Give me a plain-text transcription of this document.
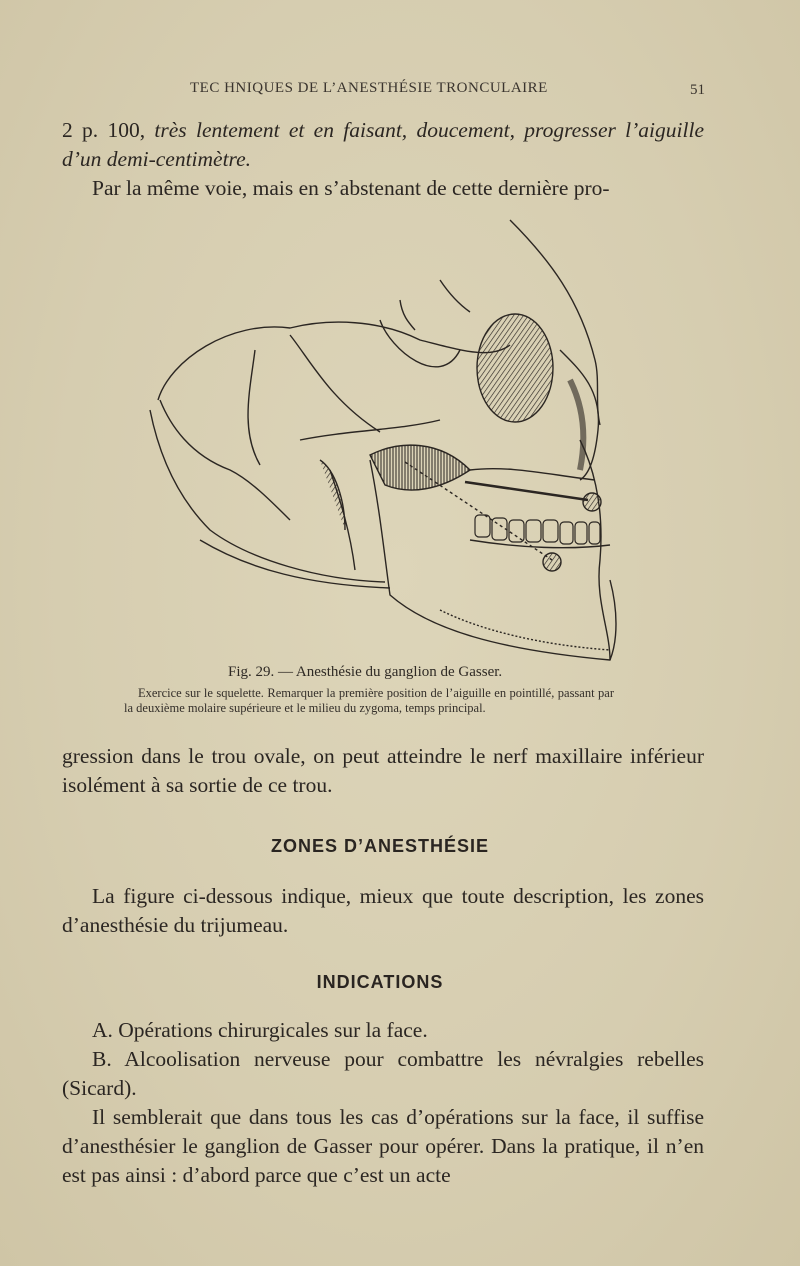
TEC HNIQUES DE L’ANESTHÉSIE TRONCULAIRE	51

2 p. 100, très lentement et en faisant, doucement, progresser l’aiguille d’un demi-centimètre.

Par la même voie, mais en s’abstenant de cette dernière pro-

Fig. 29. — Anesthésie du ganglion de Gasser.

Exercice sur le squelette. Remarquer la première position de l’aiguille en pointillé, passant par la deuxième molaire supérieure et le milieu du zygoma, temps principal.

gression dans le trou ovale, on peut atteindre le nerf maxillaire inférieur isolément à sa sortie de ce trou.

ZONES D’ANESTHÉSIE

La figure ci-dessous indique, mieux que toute description, les zones d’anesthésie du trijumeau.

INDICATIONS

A. Opérations chirurgicales sur la face.

B. Alcoolisation nerveuse pour combattre les névralgies rebelles (Sicard).

Il semblerait que dans tous les cas d’opérations sur la face, il suffise d’anesthésier le ganglion de Gasser pour opérer. Dans la pratique, il n’en est pas ainsi : d’abord parce que c’est un acte
